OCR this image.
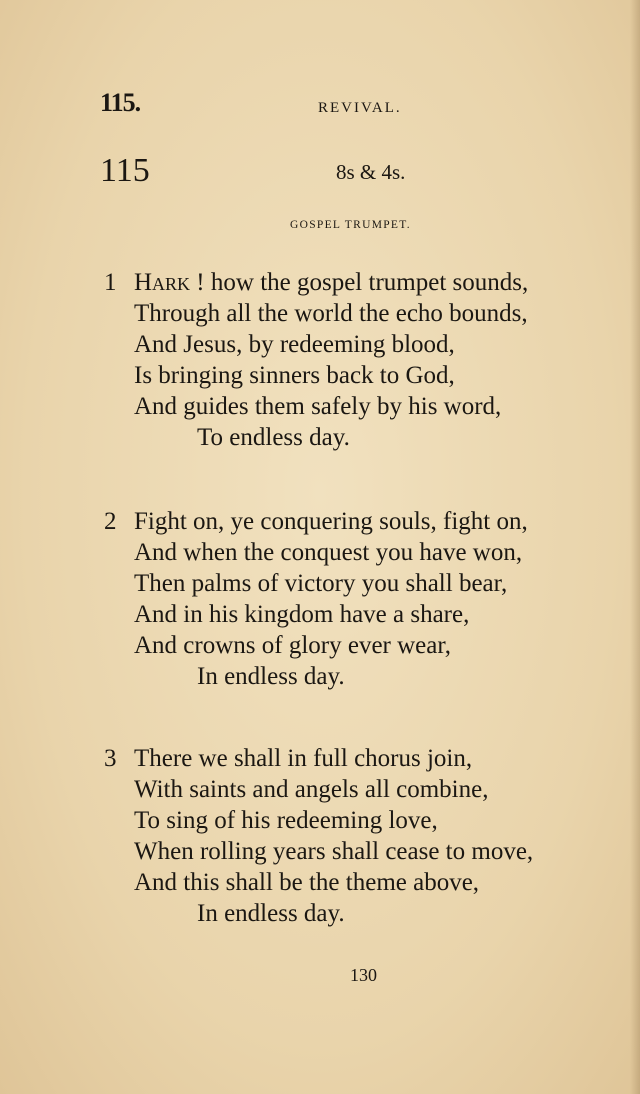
115.	REVIVAL.
115	8s & 4s.
GOSPEL TRUMPET.
1 Hark ! how the gospel trumpet sounds,
Through all the world the echo bounds,
And Jesus, by redeeming blood,
Is bringing sinners back to God,
And guides them safely by his word,
To endless day.
2 Fight on, ye conquering souls, fight on,
And when the conquest you have won,
Then palms of victory you shall bear,
And in his kingdom have a share,
And crowns of glory ever wear,
In endless day.
3 There we shall in full chorus join,
With saints and angels all combine,
To sing of his redeeming love,
When rolling years shall cease to move,
And this shall be the theme above,
In endless day.
130
